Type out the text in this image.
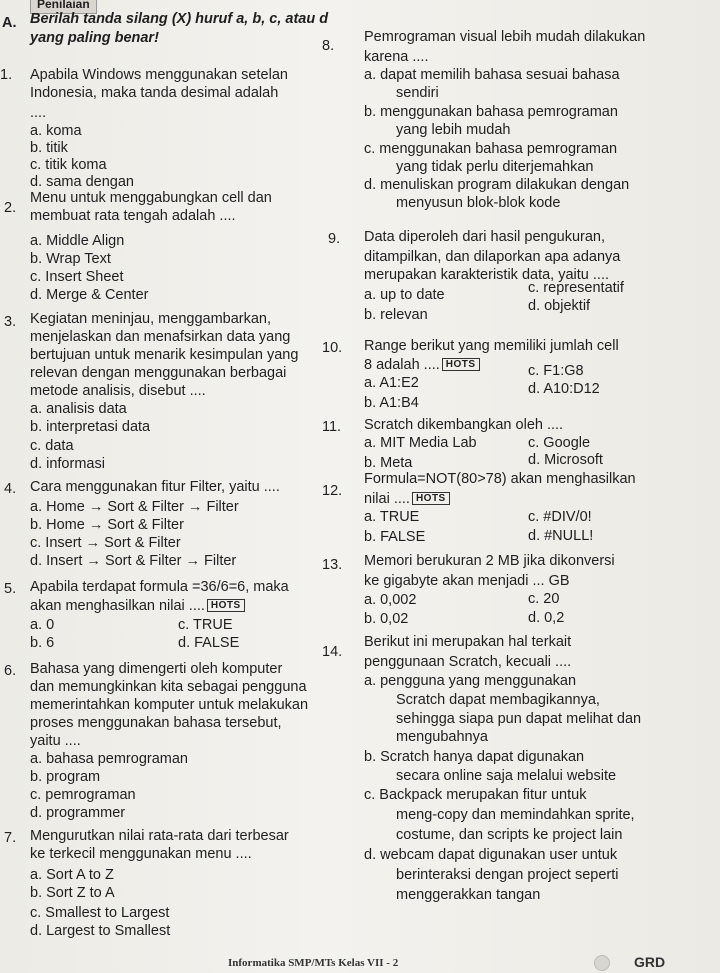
Penilaian
A. Berilah tanda silang (X) huruf a, b, c, atau d
yang paling benar!
1. Apabila Windows menggunakan setelan
Indonesia, maka tanda desimal adalah
....
a. koma
b. titik
c. titik koma
d. sama dengan
2.
Menu untuk menggabungkan cell dan
membuat rata tengah adalah ....
a. Middle Align
b. Wrap Text
c. Insert Sheet
d. Merge & Center
3. Kegiatan meninjau, menggambarkan,
menjelaskan dan menafsirkan data yang
bertujuan untuk menarik kesimpulan yang
relevan dengan menggunakan berbagai
metode analisis, disebut ....
a. analisis data
b. interpretasi data
c. data
d. informasi
4. Cara menggunakan fitur Filter, yaitu ....
a. Home → Sort & Filter → Filter
b. Home → Sort & Filter
c. Insert → Sort & Filter
d. Insert → Sort & Filter → Filter
5. Apabila terdapat formula =36/6=6, maka
akan menghasilkan nilai .... HOTS
a. 0	c. TRUE
b. 6	d. FALSE
6. Bahasa yang dimengerti oleh komputer
dan memungkinkan kita sebagai pengguna
memerintahkan komputer untuk melakukan
proses menggunakan bahasa tersebut,
yaitu ....
a. bahasa pemrograman
b. program
c. pemrograman
d. programmer
7. Mengurutkan nilai rata-rata dari terbesar
ke terkecil menggunakan menu ....
a. Sort A to Z
b. Sort Z to A
c. Smallest to Largest
d. Largest to Smallest
8.
Pemrograman visual lebih mudah dilakukan
karena ....
a. dapat memilih bahasa sesuai bahasa
sendiri
b. menggunakan bahasa pemrograman
yang lebih mudah
c. menggunakan bahasa pemrograman
yang tidak perlu diterjemahkan
d. menuliskan program dilakukan dengan
menyusun blok-blok kode
9. Data diperoleh dari hasil pengukuran,
ditampilkan, dan dilaporkan apa adanya
merupakan karakteristik data, yaitu ....
a. up to date	c. representatif
b. relevan
d. objektif
10. Range berikut yang memiliki jumlah cell
8 adalah .... HOTS
a. A1:E2
c. F1:G8
b. A1:B4
d. A10:D12
11. Scratch dikembangkan oleh ....
a. MIT Media Lab	c. Google
b. Meta	d. Microsoft
12.
Formula=NOT(80>78) akan menghasilkan
nilai .... HOTS
a. TRUE	c. #DIV/0!
b. FALSE	d. #NULL!
13. Memori berukuran 2 MB jika dikonversi
ke gigabyte akan menjadi ... GB
a. 0,002	c. 20
b. 0,02	d. 0,2
14.
Berikut ini merupakan hal terkait
penggunaan Scratch, kecuali ....
a. pengguna yang menggunakan
Scratch dapat membagikannya,
sehingga siapa pun dapat melihat dan
mengubahnya
b. Scratch hanya dapat digunakan
secara online saja melalui website
c. Backpack merupakan fitur untuk
meng-copy dan memindahkan sprite,
costume, dan scripts ke project lain
d. webcam dapat digunakan user untuk
berinteraksi dengan project seperti
menggerakkan tangan
Informatika SMP/MTs Kelas VII - 2	GRD
